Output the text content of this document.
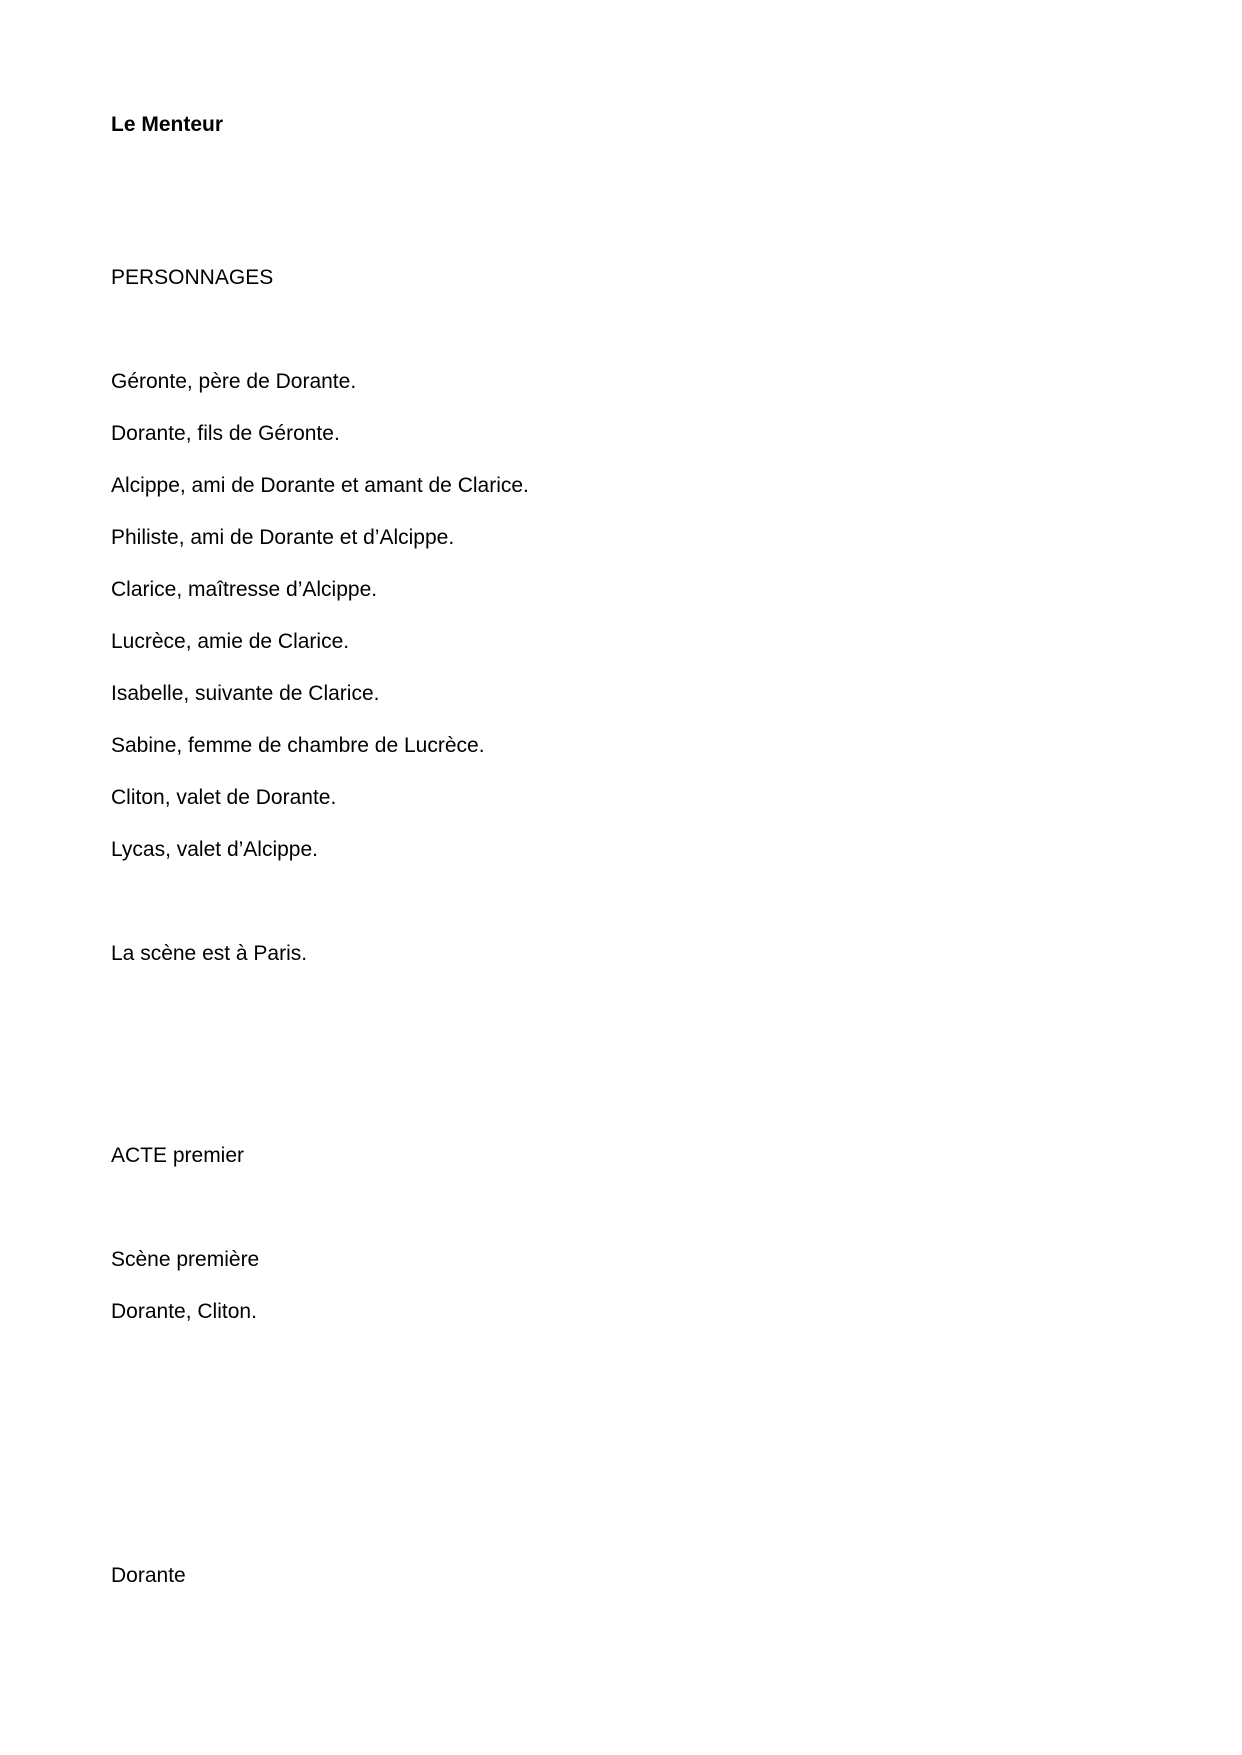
Le Menteur

PERSONNAGES

Géronte, père de Dorante.

Dorante, fils de Géronte.

Alcippe, ami de Dorante et amant de Clarice.

Philiste, ami de Dorante et d’Alcippe.

Clarice, maîtresse d’Alcippe.

Lucrèce, amie de Clarice.

Isabelle, suivante de Clarice.

Sabine, femme de chambre de Lucrèce.

Cliton, valet de Dorante.

Lycas, valet d’Alcippe.

La scène est à Paris.

ACTE premier

Scène première

Dorante, Cliton.

Dorante
